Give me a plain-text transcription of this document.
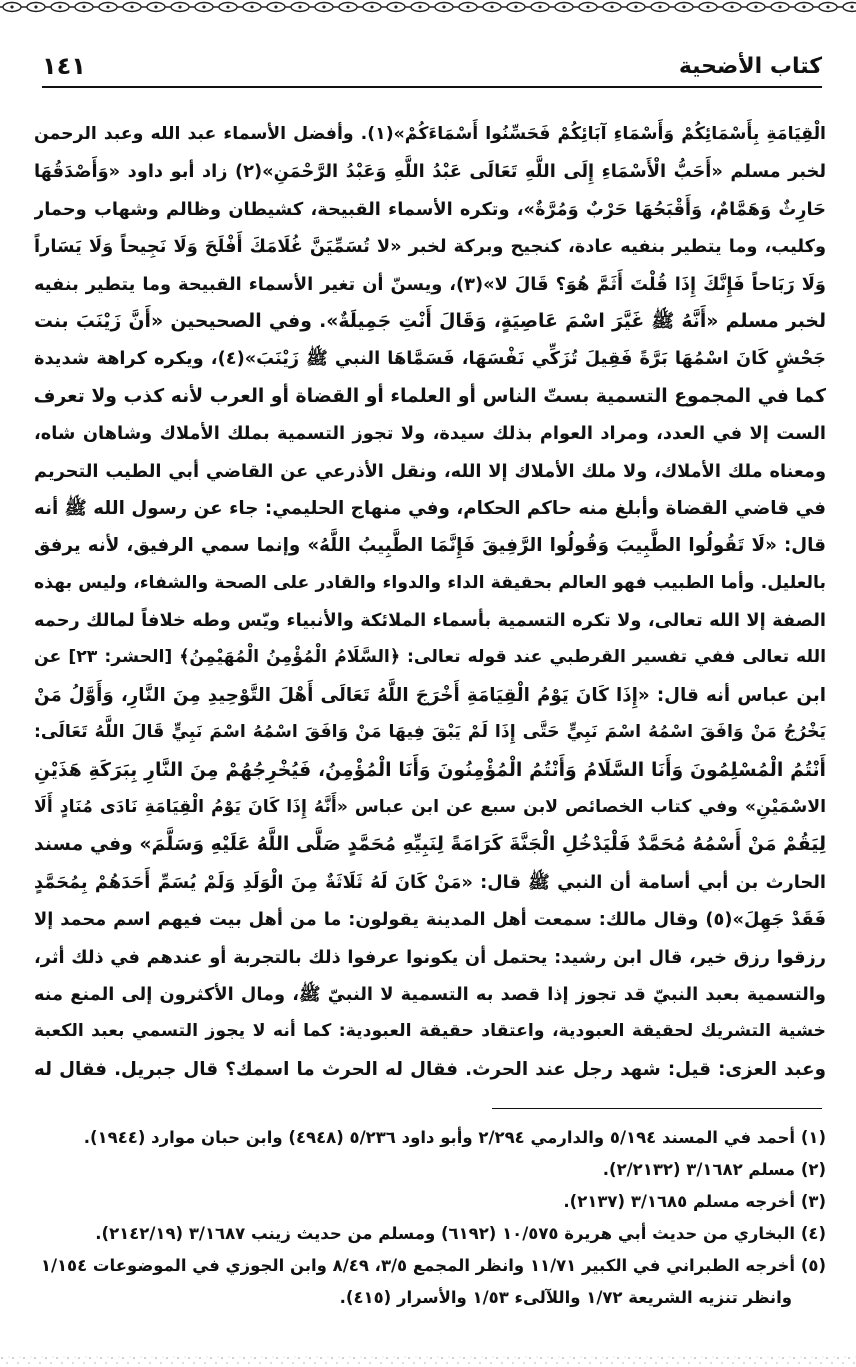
كتاب الأضحية
١٤١
الْقِيَامَةِ بِأَسْمَائِكُمْ وَأَسْمَاءِ آبَائِكُمْ فَحَسِّنُوا أَسْمَاءَكُمْ»(١). وأفضل الأسماء عبد الله وعبد الرحمن
لخبر مسلم «أَحَبُّ الْأَسْمَاءِ إِلَى اللَّهِ تَعَالَى عَبْدُ اللَّهِ وَعَبْدُ الرَّحْمَنِ»(٢) زاد أبو داود «وَأَصْدَقُهَا
حَارِثٌ وَهَمَّامٌ، وَأَقْبَحُهَا حَرْبٌ وَمُرَّةٌ»، وتكره الأسماء القبيحة، كشيطان وظالم وشهاب وحمار
وكليب، وما يتطير بنفيه عادة، كنجيح وبركة لخبر «لا تُسَمِّيَنَّ غُلَامَكَ أَفْلَحَ وَلَا نَجِيحاً وَلَا يَسَاراً
وَلَا رَبَاحاً فَإِنَّكَ إِذَا قُلْتَ أَثَمَّ هُوَ؟ قَالَ لا»(٣)، ويسنّ أن تغير الأسماء القبيحة وما يتطير بنفيه
لخبر مسلم «أَنَّهُ ﷺ غَيَّرَ اسْمَ عَاصِيَةٍ، وَقَالَ أَنْتِ جَمِيلَةٌ». وفي الصحيحين «أَنَّ زَيْنَبَ بنت
جَحْشٍ كَانَ اسْمُهَا بَرَّةً فَقِيلَ تُزَكِّي نَفْسَهَا، فَسَمَّاهَا النبي ﷺ زَيْنَبَ»(٤)، ويكره كراهة شديدة
كما في المجموع التسمية بستّ الناس أو العلماء أو القضاة أو العرب لأنه كذب ولا تعرف
الست إلا في العدد، ومراد العوام بذلك سيدة، ولا تجوز التسمية بملك الأملاك وشاهان شاه،
ومعناه ملك الأملاك، ولا ملك الأملاك إلا الله، ونقل الأذرعي عن القاضي أبي الطيب التحريم
في قاضي القضاة وأبلغ منه حاكم الحكام، وفي منهاج الحليمي: جاء عن رسول الله ﷺ أنه
قال: «لَا تَقُولُوا الطَّبِيبَ وَقُولُوا الرَّفِيقَ فَإِنَّمَا الطَّبِيبُ اللَّهُ» وإنما سمي الرفيق، لأنه يرفق
بالعليل. وأما الطبيب فهو العالم بحقيقة الداء والدواء والقادر على الصحة والشفاء، وليس بهذه
الصفة إلا الله تعالى، ولا تكره التسمية بأسماء الملائكة والأنبياء ويّس وطه خلافاً لمالك رحمه
الله تعالى ففي تفسير القرطبي عند قوله تعالى: ﴿السَّلَامُ الْمُؤْمِنُ الْمُهَيْمِنُ﴾ [الحشر: ٢٣] عن
ابن عباس أنه قال: «إِذَا كَانَ يَوْمُ الْقِيَامَةِ أَخْرَجَ اللَّهُ تَعَالَى أَهْلَ التَّوْحِيدِ مِنَ النَّارِ، وَأَوَّلُ مَنْ
يَخْرُجُ مَنْ وَافَقَ اسْمُهُ اسْمَ نَبِيٍّ حَتَّى إِذَا لَمْ يَبْقَ فِيهَا مَنْ وَافَقَ اسْمُهُ اسْمَ نَبِيٍّ قَالَ اللَّهُ تَعَالَى:
أَنْتُمُ الْمُسْلِمُونَ وَأَنَا السَّلَامُ وَأَنْتُمُ الْمُؤْمِنُونَ وَأَنَا الْمُؤْمِنُ، فَيُخْرِجُهُمْ مِنَ النَّارِ بِبَرَكَةِ هَذَيْنِ
الاسْمَيْنِ» وفي كتاب الخصائص لابن سبع عن ابن عباس «أَنَّهُ إِذَا كَانَ يَوْمُ الْقِيَامَةِ نَادَى مُنَادٍ أَلَا
لِيَقُمْ مَنْ أَسْمُهُ مُحَمَّدٌ فَلْيَدْخُلِ الْجَنَّةَ كَرَامَةً لِنَبِيِّهِ مُحَمَّدٍ صَلَّى اللَّهُ عَلَيْهِ وَسَلَّمَ» وفي مسند
الحارث بن أبي أسامة أن النبي ﷺ قال: «مَنْ كَانَ لَهُ ثَلَاثَةٌ مِنَ الْوَلَدِ وَلَمْ يُسَمِّ أَحَدَهُمْ بِمُحَمَّدٍ
فَقَدْ جَهِلَ»(٥) وقال مالك: سمعت أهل المدينة يقولون: ما من أهل بيت فيهم اسم محمد إلا
رزقوا رزق خير، قال ابن رشيد: يحتمل أن يكونوا عرفوا ذلك بالتجربة أو عندهم في ذلك أثر،
والتسمية بعبد النبيّ قد تجوز إذا قصد به التسمية لا النبيّ ﷺ، ومال الأكثرون إلى المنع منه
خشية التشريك لحقيقة العبودية، واعتقاد حقيقة العبودية: كما أنه لا يجوز التسمي بعبد الكعبة
وعبد العزى: قيل: شهد رجل عند الحرث. فقال له الحرث ما اسمك؟ قال جبريل. فقال له
(١) أحمد في المسند ٥/١٩٤ والدارمي ٢/٢٩٤ وأبو داود ٥/٢٣٦ (٤٩٤٨) وابن حبان موارد (١٩٤٤).
(٢) مسلم ٣/١٦٨٢ (٢/٢١٣٢).
(٣) أخرجه مسلم ٣/١٦٨٥ (٢١٣٧).
(٤) البخاري من حديث أبي هريرة ١٠/٥٧٥ (٦١٩٢) ومسلم من حديث زينب ٣/١٦٨٧ (٢١٤٢/١٩).
(٥) أخرجه الطبراني في الكبير ١١/٧١ وانظر المجمع ٣/٥، ٨/٤٩ وابن الجوزي في الموضوعات ١/١٥٤
وانظر تنزيه الشريعة ١/٧٢ واللآلىء ١/٥٣ والأسرار (٤١٥).
